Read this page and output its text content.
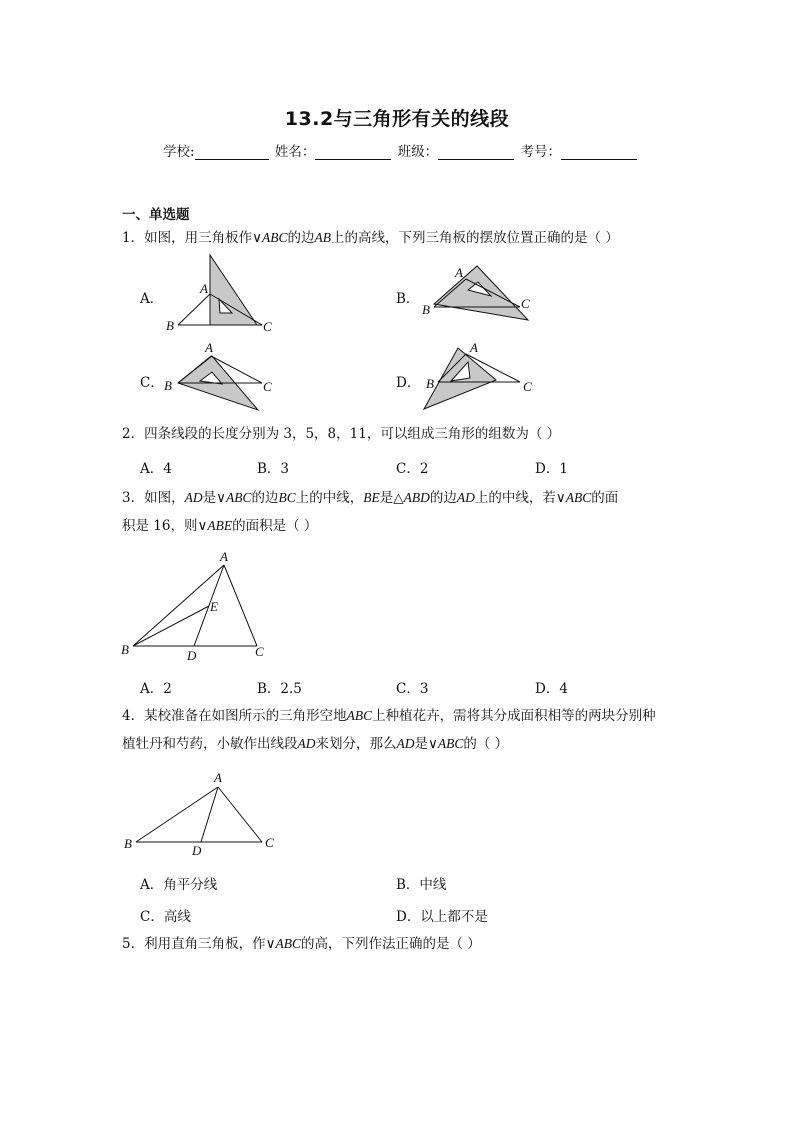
13.2与三角形有关的线段
学校:	姓名：	班级：	考号：
一、单选题
1．如图，用三角板作∨ABC的边AB上的高线，下列三角板的摆放位置正确的是（ ）
A．	B．
C．	D．
A
B	C
A
B	C
A
B	C
A
B	C
A
B	D	C
E
A
B	D
C
2．四条线段的长度分别为 3，5，8，11，可以组成三角形的组数为（ ）
A．4	B．3	C．2	D．1
3．如图，AD是∨ABC的边BC上的中线，BE是△ABD的边AD上的中线，若∨ABC的面
积是 16，则∨ABE的面积是（ ）
A．2	B．2.5	C．3	D．4
4．某校准备在如图所示的三角形空地ABC上种植花卉，需将其分成面积相等的两块分别种
植牡丹和芍药，小敏作出线段AD来划分，那么AD是∨ABC的（ ）
A．角平分线	B．中线
C．高线	D．以上都不是
5．利用直角三角板，作∨ABC的高，下列作法正确的是（ ）
